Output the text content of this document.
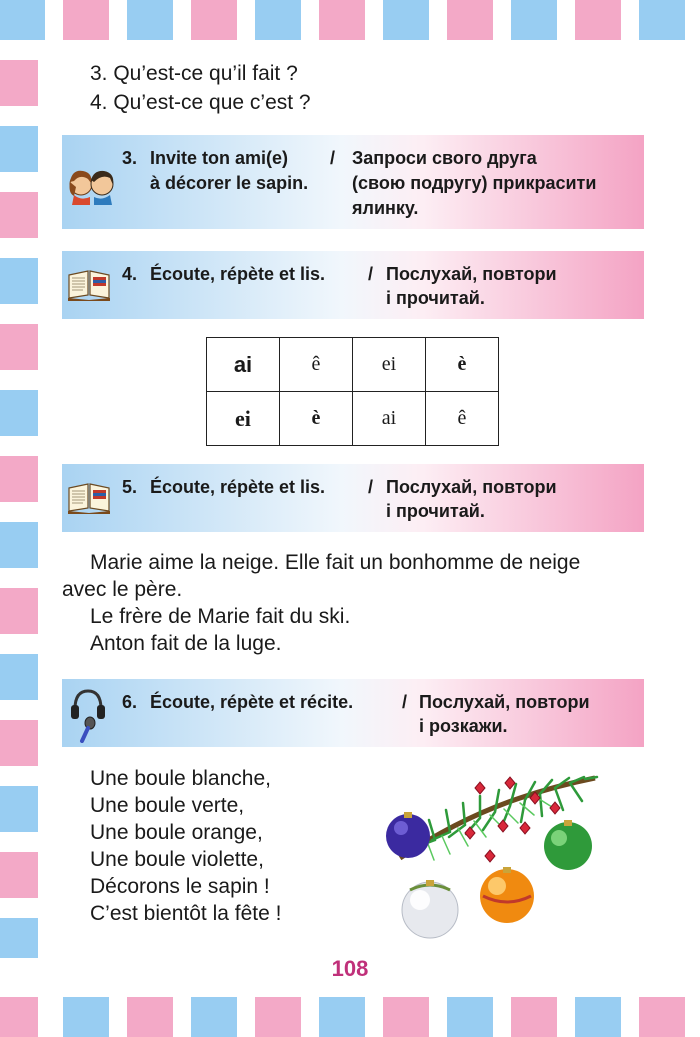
3. Qu’est-ce qu’il fait ?
4. Qu’est-ce que c’est ?
3. Invite ton ami(e)
à décorer le sapin.
/ Запроси свого друга
(свою подругу) прикрасити
ялинку.
4. Écoute, répète et lis. / Послухай, повтори
і прочитай.
ai	ê	ei	è
ei	è	ai	ê
5. Écoute, répète et lis. / Послухай, повтори
і прочитай.
Marie aime la neige. Elle fait un bonhomme de neige
avec le père.
Le frère de Marie fait du ski.
Anton fait de la luge.
6. Écoute, répète et récite.	/ Послухай, повтори
і розкажи.
Une boule blanche,
Une boule verte,
Une boule orange,
Une boule violette,
Décorons le sapin !
C’est bientôt la fête !
108
